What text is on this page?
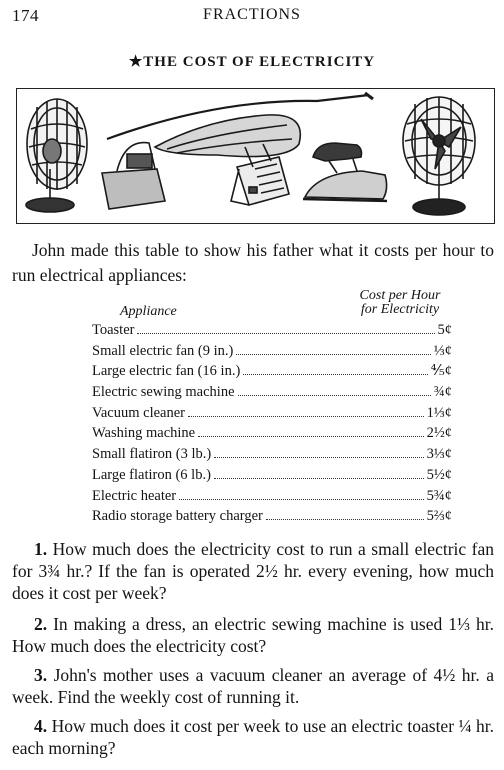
174	FRACTIONS
★THE COST OF ELECTRICITY

John made this table to show his father what it costs per hour to run electrical appliances:

Appliance
Cost per Hour
for Electricity
Toaster	5¢
Small electric fan (9 in.)	⅓¢
Large electric fan (16 in.)	⅘¢
Electric sewing machine	¾¢
Vacuum cleaner	1⅓¢
Washing machine	2½¢
Small flatiron (3 lb.)	3⅓¢
Large flatiron (6 lb.)	5½¢
Electric heater	5¾¢
Radio storage battery charger	5⅔¢

1. How much does the electricity cost to run a small electric fan for 3¾ hr.? If the fan is operated 2½ hr. every evening, how much does it cost per week?

2. In making a dress, an electric sewing machine is used 1⅓ hr. How much does the electricity cost?

3. John's mother uses a vacuum cleaner an average of 4½ hr. a week. Find the weekly cost of running it.

4. How much does it cost per week to use an electric toaster ¼ hr. each morning?
